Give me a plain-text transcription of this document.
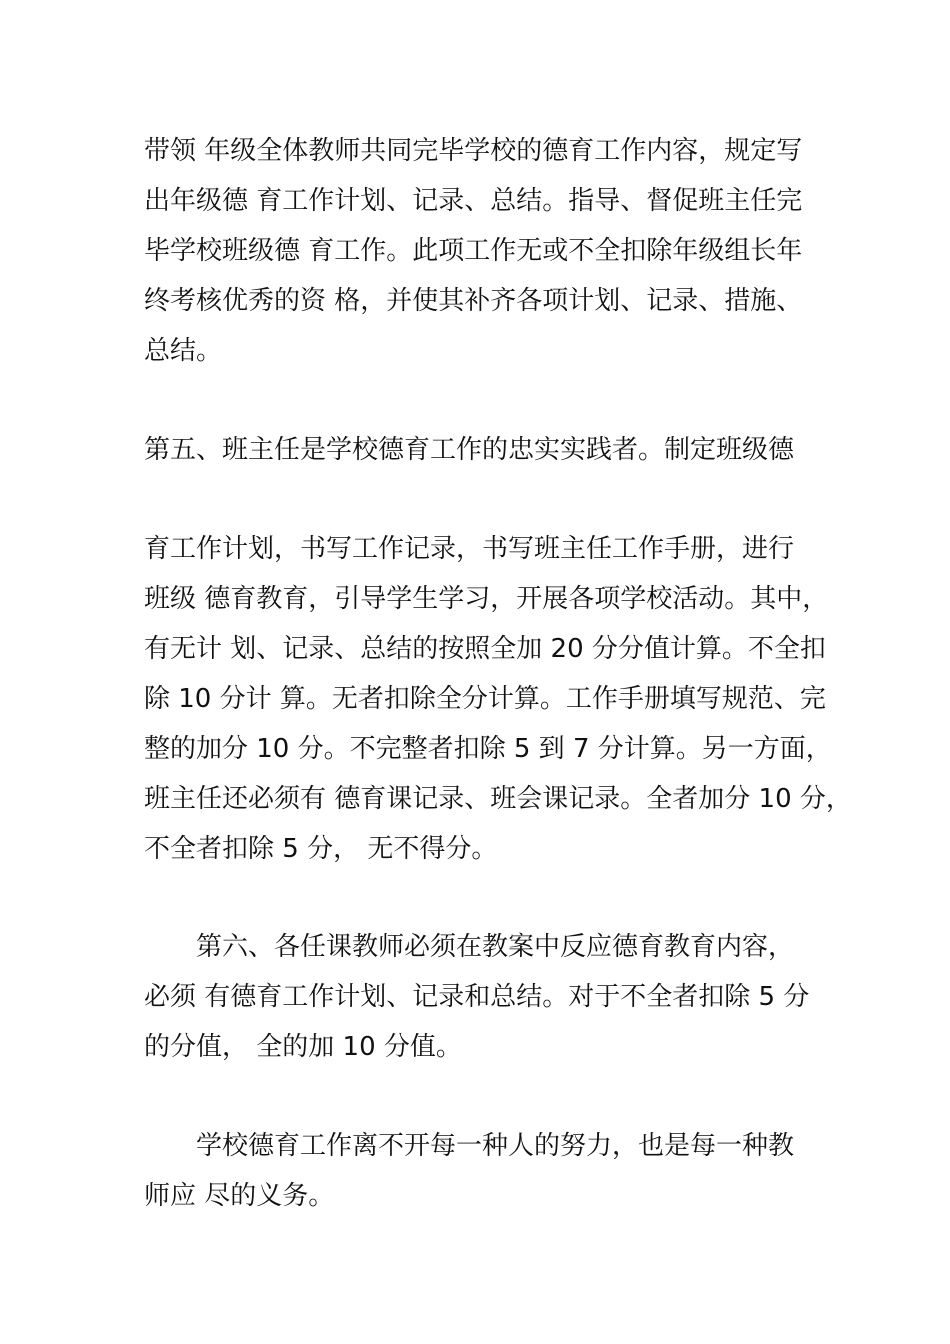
带领 年级全体教师共同完毕学校的德育工作内容，规定写
出年级德 育工作计划、记录、总结。指导、督促班主任完
毕学校班级德 育工作。此项工作无或不全扣除年级组长年
终考核优秀的资 格，并使其补齐各项计划、记录、措施、
总结。
第五、班主任是学校德育工作的忠实实践者。制定班级德
育工作计划，书写工作记录，书写班主任工作手册，进行
班级 德育教育，引导学生学习，开展各项学校活动。其中，
有无计 划、记录、总结的按照全加 20 分分值计算。不全扣
除 10 分计 算。无者扣除全分计算。工作手册填写规范、完
整的加分 10 分。不完整者扣除 5 到 7 分计算。另一方面，
班主任还必须有 德育课记录、班会课记录。全者加分 10 分，
不全者扣除 5 分， 无不得分。
第六、各任课教师必须在教案中反应德育教育内容，
必须 有德育工作计划、记录和总结。对于不全者扣除 5 分
的分值， 全的加 10 分值。
学校德育工作离不开每一种人的努力，也是每一种教
师应 尽的义务。
